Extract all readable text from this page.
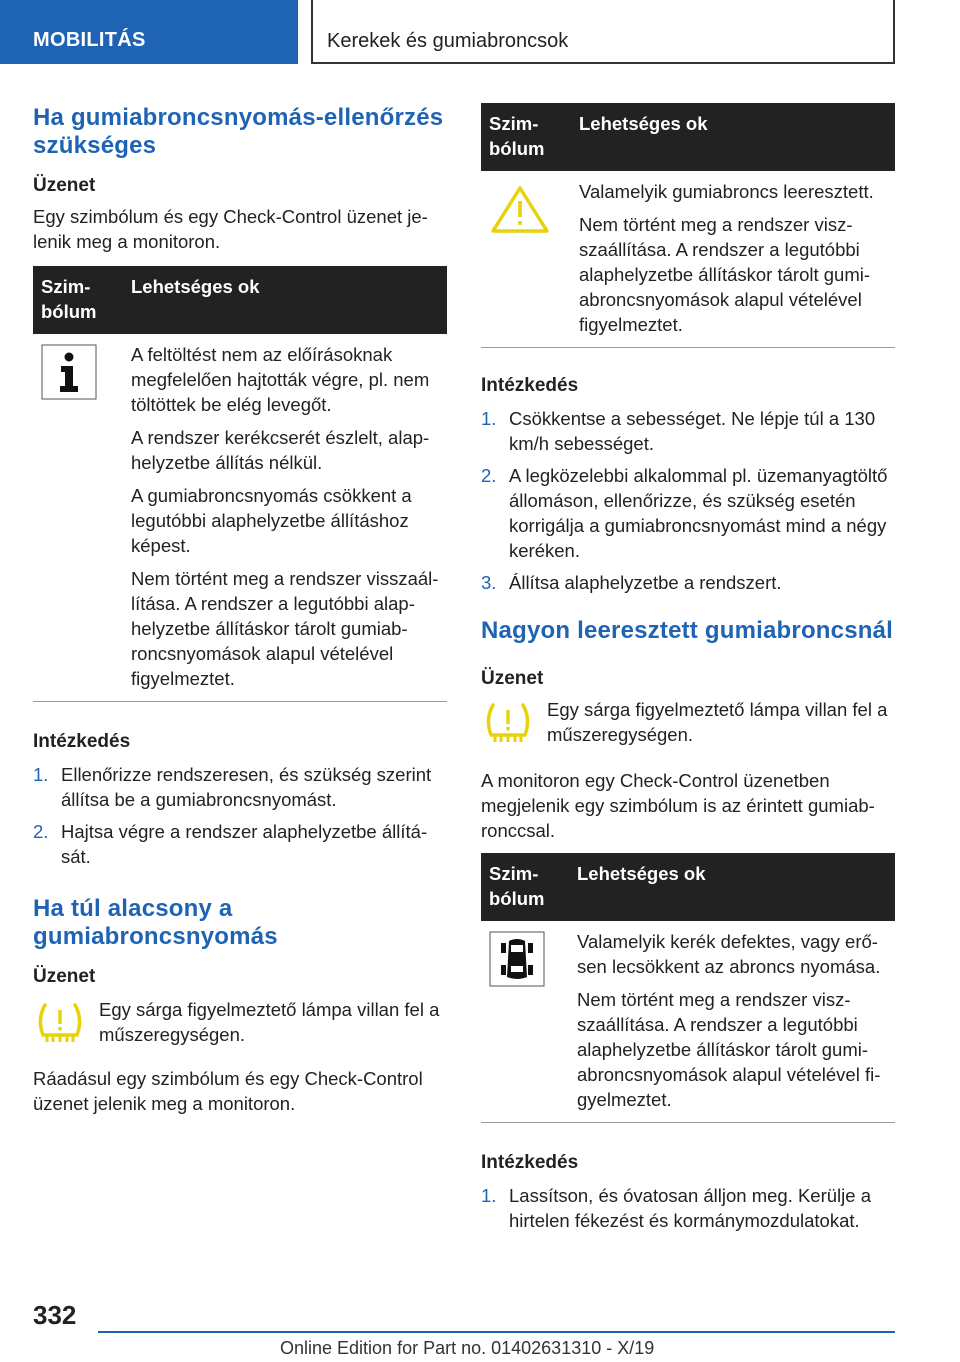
MOBILITÁS	Kerekek és gumiabroncsok
Ha gumiabroncsnyomás-ellenőrzés szükséges
Üzenet

Egy szimbólum és egy Check-Control üzenet jelenik meg a monitoron.

Szimbólum	Lehetséges ok

A feltöltést nem az előírásoknak megfelelően hajtották végre, pl. nem töltöttek be elég levegőt.

A rendszer kerékcserét észlelt, alaphelyzetbe állítás nélkül.

A gumiabroncsnyomás csökkent a legutóbbi alaphelyzetbe állításhoz képest.

Nem történt meg a rendszer visszaállítása. A rendszer a legutóbbi alaphelyzetbe állításkor tárolt gumiabroncsnyomások alapul vételével figyelmeztet.

Intézkedés
1. Ellenőrizze rendszeresen, és szükség szerint állítsa be a gumiabroncsnyomást.
2. Hajtsa végre a rendszer alaphelyzetbe állítását.
Ha túl alacsony a gumiabroncsnyomás
Üzenet

Egy sárga figyelmeztető lámpa villan fel a műszeregységen.

Ráadásul egy szimbólum és egy Check-Control üzenet jelenik meg a monitoron.

Szimbólum	Lehetséges ok

Valamelyik gumiabroncs leeresztett.

Nem történt meg a rendszer viszszaállítása. A rendszer a legutóbbi alaphelyzetbe állításkor tárolt gumiabroncsnyomások alapul vételével figyelmeztet.

Intézkedés
1. Csökkentse a sebességet. Ne lépje túl a 130 km/h sebességet.
2. A legközelebbi alkalommal pl. üzemanyagtöltő állomáson, ellenőrizze, és szükség esetén korrigálja a gumiabroncsnyomást mind a négy keréken.
3. Állítsa alaphelyzetbe a rendszert.
Nagyon leeresztett gumiabroncsnál
Üzenet

Egy sárga figyelmeztető lámpa villan fel a műszeregységen.

A monitoron egy Check-Control üzenetben megjelenik egy szimbólum is az érintett gumiabronccsal.

Szimbólum	Lehetséges ok

Valamelyik kerék defektes, vagy erősen lecsökkent az abroncs nyomása.

Nem történt meg a rendszer viszszaállítása. A rendszer a legutóbbi alaphelyzetbe állításkor tárolt gumiabroncsnyomások alapul vételével figyelmeztet.

Intézkedés
1. Lassítson, és óvatosan álljon meg. Kerülje a hirtelen fékezést és kormánymozdulatokat.
332
Online Edition for Part no. 01402631310 - X/19
